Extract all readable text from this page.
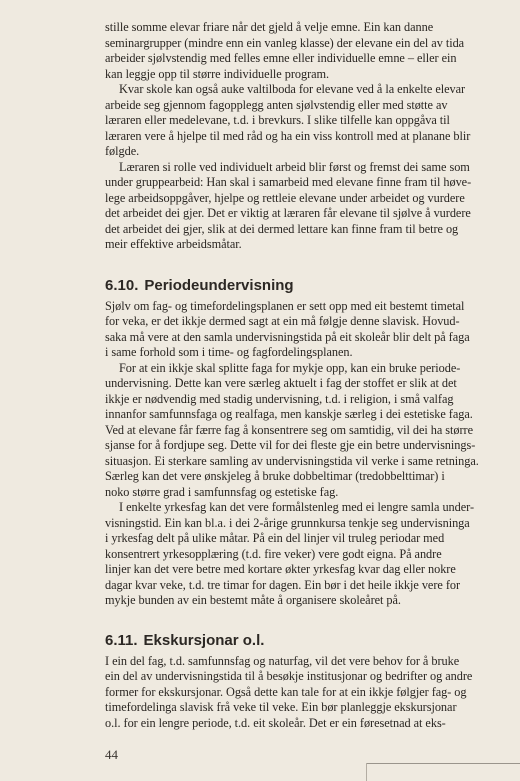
stille somme elevar friare når det gjeld å velje emne. Ein kan danne
seminargrupper (mindre enn ein vanleg klasse) der elevane ein del av tida
arbeider sjølvstendig med felles emne eller individuelle emne – eller ein
kan leggje opp til større individuelle program.

Kvar skole kan også auke valtilboda for elevane ved å la enkelte elevar
arbeide seg gjennom fagopplegg anten sjølvstendig eller med støtte av
læraren eller medelevane, t.d. i brevkurs. I slike tilfelle kan oppgåva til
læraren vere å hjelpe til med råd og ha ein viss kontroll med at planane blir
følgde.

Læraren si rolle ved individuelt arbeid blir først og fremst dei same som
under gruppearbeid: Han skal i samarbeid med elevane finne fram til høve-
lege arbeidsoppgåver, hjelpe og rettleie elevane under arbeidet og vurdere
det arbeidet dei gjer. Det er viktig at læraren får elevane til sjølve å vurdere
det arbeidet dei gjer, slik at dei dermed lettare kan finne fram til betre og
meir effektive arbeidsmåtar.

6.10. Periodeundervisning

Sjølv om fag- og timefordelingsplanen er sett opp med eit bestemt timetal
for veka, er det ikkje dermed sagt at ein må følgje denne slavisk. Hovud-
saka må vere at den samla undervisningstida på eit skoleår blir delt på faga
i same forhold som i time- og fagfordelingsplanen.

For at ein ikkje skal splitte faga for mykje opp, kan ein bruke periode-
undervisning. Dette kan vere særleg aktuelt i fag der stoffet er slik at det
ikkje er nødvendig med stadig undervisning, t.d. i religion, i små valfag
innanfor samfunnsfaga og realfaga, men kanskje særleg i dei estetiske faga.
Ved at elevane får færre fag å konsentrere seg om samtidig, vil dei ha større
sjanse for å fordjupe seg. Dette vil for dei fleste gje ein betre undervisnings-
situasjon. Ei sterkare samling av undervisningstida vil verke i same retninga.
Særleg kan det vere ønskjeleg å bruke dobbeltimar (tredobbelttimar) i
noko større grad i samfunnsfag og estetiske fag.

I enkelte yrkesfag kan det vere formålstenleg med ei lengre samla under-
visningstid. Ein kan bl.a. i dei 2-årige grunnkursa tenkje seg undervisninga
i yrkesfag delt på ulike måtar. På ein del linjer vil truleg periodar med
konsentrert yrkesopplæring (t.d. fire veker) vere godt eigna. På andre
linjer kan det vere betre med kortare økter yrkesfag kvar dag eller nokre
dagar kvar veke, t.d. tre timar for dagen. Ein bør i det heile ikkje vere for
mykje bunden av ein bestemt måte å organisere skoleåret på.

6.11. Ekskursjonar o.l.

I ein del fag, t.d. samfunnsfag og naturfag, vil det vere behov for å bruke
ein del av undervisningstida til å besøkje institusjonar og bedrifter og andre
former for ekskursjonar. Også dette kan tale for at ein ikkje følgjer fag- og
timefordelinga slavisk frå veke til veke. Ein bør planleggje ekskursjonar
o.l. for ein lengre periode, t.d. eit skoleår. Det er ein føresetnad at eks-

44
